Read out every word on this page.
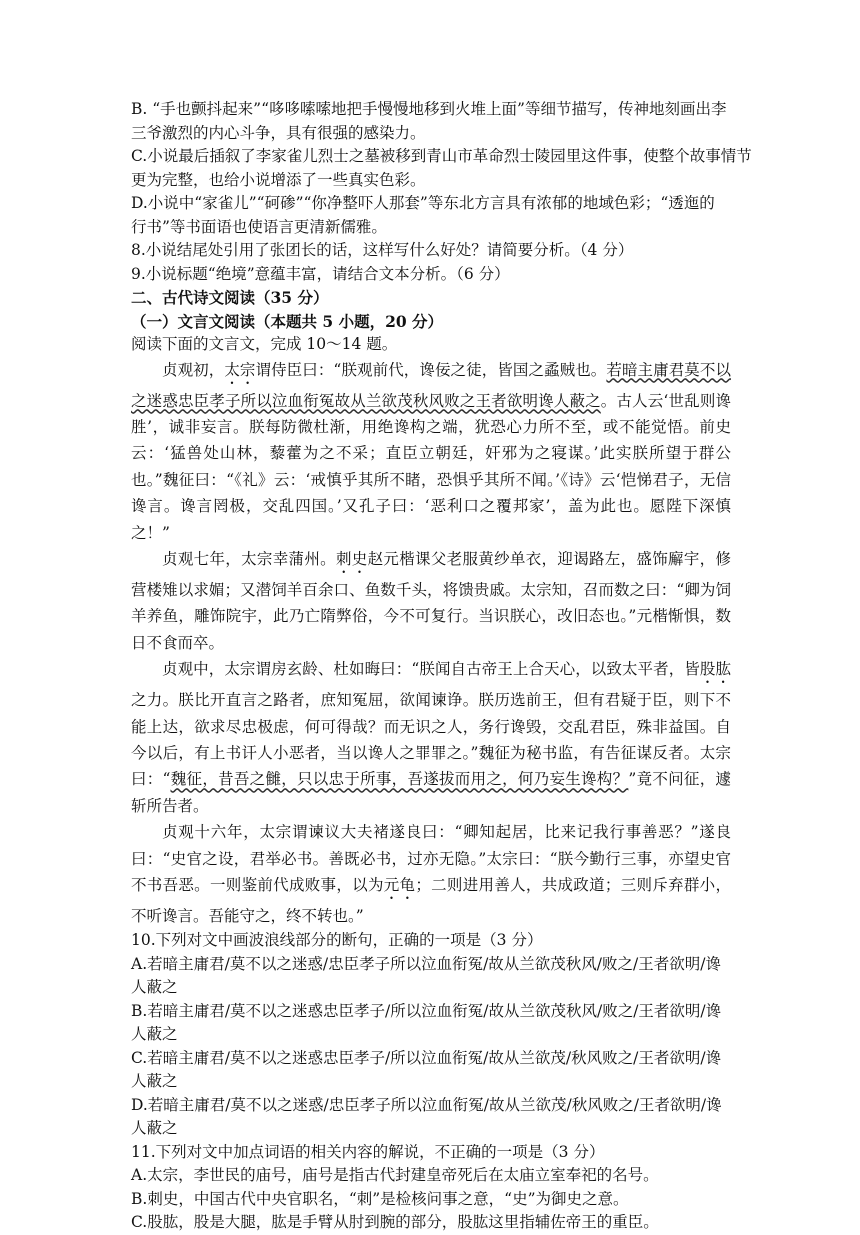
B. “手也颤抖起来”“哆哆嗦嗦地把手慢慢地移到火堆上面”等细节描写，传神地刻画出李

三爷激烈的内心斗争，具有很强的感染力。

C.小说最后插叙了李家雀儿烈士之墓被移到青山市革命烈士陵园里这件事，使整个故事情节

更为完整，也给小说增添了一些真实色彩。

D.小说中“家雀儿”“砢碜”“你净整吓人那套”等东北方言具有浓郁的地域色彩；“透迤的

行书”等书面语也使语言更清新儒雅。

8.小说结尾处引用了张团长的话，这样写什么好处？请简要分析。（4 分）

9.小说标题“绝境”意蕴丰富，请结合文本分析。（6 分）

二、古代诗文阅读（35 分）

（一）文言文阅读（本题共 5 小题，20 分）

阅读下面的文言文，完成 10～14 题。

贞观初，太宗谓侍臣曰：“朕观前代，谗佞之徒，皆国之蟊贼也。若暗主庸君莫不以之迷惑忠臣孝子所以泣血衔冤故从兰欲茂秋风败之王者欲明谗人蔽之。古人云‘世乱则谗胜’，诚非妄言。朕每防微杜渐，用绝谗构之端，犹恐心力所不至，或不能觉悟。前史云：‘猛兽处山林，藜藿为之不采；直臣立朝廷，奸邪为之寝谋。’此实朕所望于群公也。”魏征曰：“《礼》云：‘戒慎乎其所不睹，恐惧乎其所不闻。’《诗》云‘恺悌君子，无信谗言。谗言罔极，交乱四国。’又孔子曰：‘恶利口之覆邦家’，盖为此也。愿陛下深慎之！”

贞观七年，太宗幸蒲州。刺史赵元楷课父老服黄纱单衣，迎谒路左，盛饰廨宇，修营楼雉以求媚；又潜饲羊百余口、鱼数千头，将馈贵戚。太宗知，召而数之曰：“卿为饲羊养鱼，雕饰院宇，此乃亡隋弊俗，今不可复行。当识朕心，改旧态也。”元楷惭惧，数日不食而卒。

贞观中，太宗谓房玄龄、杜如晦曰：“朕闻自古帝王上合天心，以致太平者，皆股肱之力。朕比开直言之路者，庶知冤屈，欲闻谏诤。朕历选前王，但有君疑于臣，则下不能上达，欲求尽忠极虑，何可得哉？而无识之人，务行谗毁，交乱君臣，殊非益国。自今以后，有上书讦人小恶者，当以谗人之罪罪之。”魏征为秘书监，有告征谋反者。太宗曰：“魏征，昔吾之雠，只以忠于所事，吾遂拔而用之，何乃妄生谗构？”竟不问征，遽斩所告者。

贞观十六年，太宗谓谏议大夫褚遂良曰：“卿知起居，比来记我行事善恶？”遂良曰：“史官之设，君举必书。善既必书，过亦无隐。”太宗曰：“朕今勤行三事，亦望史官不书吾恶。一则鉴前代成败事，以为元龟；二则进用善人，共成政道；三则斥弃群小，不听谗言。吾能守之，终不转也。”

10.下列对文中画波浪线部分的断句，正确的一项是（3 分）

A.若暗主庸君/莫不以之迷惑/忠臣孝子所以泣血衔冤/故从兰欲茂秋风/败之/王者欲明/谗

人蔽之

B.若暗主庸君/莫不以之迷惑忠臣孝子/所以泣血衔冤/故从兰欲茂秋风/败之/王者欲明/谗

人蔽之

C.若暗主庸君/莫不以之迷惑忠臣孝子/所以泣血衔冤/故从兰欲茂/秋风败之/王者欲明/谗

人蔽之

D.若暗主庸君/莫不以之迷惑/忠臣孝子所以泣血衔冤/故从兰欲茂/秋风败之/王者欲明/谗

人蔽之

11.下列对文中加点词语的相关内容的解说，不正确的一项是（3 分）

A.太宗，李世民的庙号，庙号是指古代封建皇帝死后在太庙立室奉祀的名号。

B.刺史，中国古代中央官职名，“刺”是检核问事之意，“史”为御史之意。

C.股肱，股是大腿，肱是手臂从肘到腕的部分，股肱这里指辅佐帝王的重臣。
